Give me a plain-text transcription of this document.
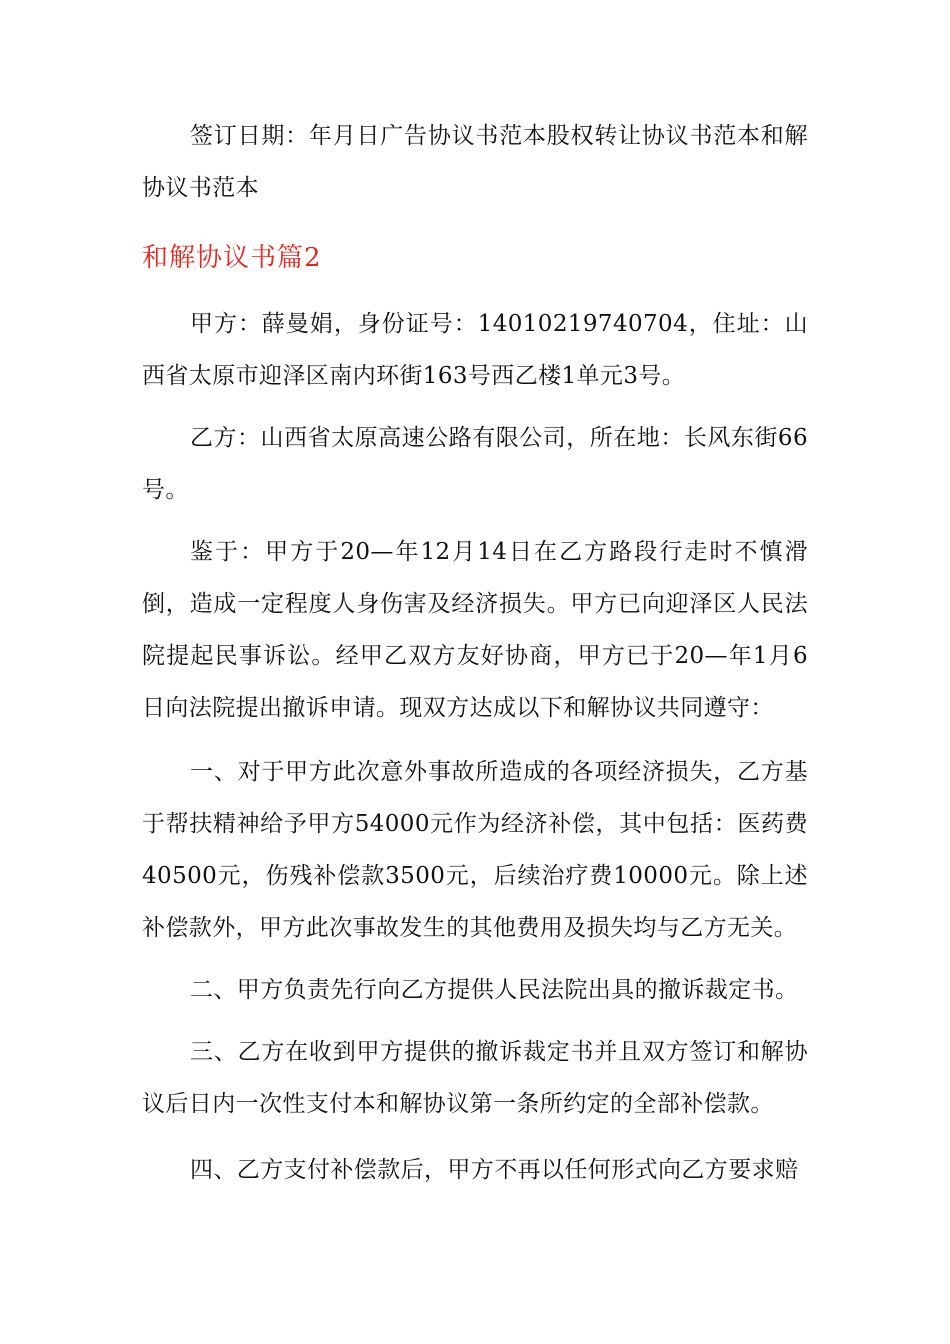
签订日期：年月日广告协议书范本股权转让协议书范本和解协议书范本

和解协议书篇2

甲方：薛曼娟，身份证号：14010219740704，住址：山西省太原市迎泽区南内环街163号西乙楼1单元3号。

乙方：山西省太原高速公路有限公司，所在地：长风东街66号。

鉴于：甲方于20—年12月14日在乙方路段行走时不慎滑倒，造成一定程度人身伤害及经济损失。甲方已向迎泽区人民法院提起民事诉讼。经甲乙双方友好协商，甲方已于20—年1月6日向法院提出撤诉申请。现双方达成以下和解协议共同遵守：

一、对于甲方此次意外事故所造成的各项经济损失，乙方基于帮扶精神给予甲方54000元作为经济补偿，其中包括：医药费40500元，伤残补偿款3500元，后续治疗费10000元。除上述补偿款外，甲方此次事故发生的其他费用及损失均与乙方无关。

二、甲方负责先行向乙方提供人民法院出具的撤诉裁定书。

三、乙方在收到甲方提供的撤诉裁定书并且双方签订和解协议后日内一次性支付本和解协议第一条所约定的全部补偿款。

四、乙方支付补偿款后，甲方不再以任何形式向乙方要求赔
